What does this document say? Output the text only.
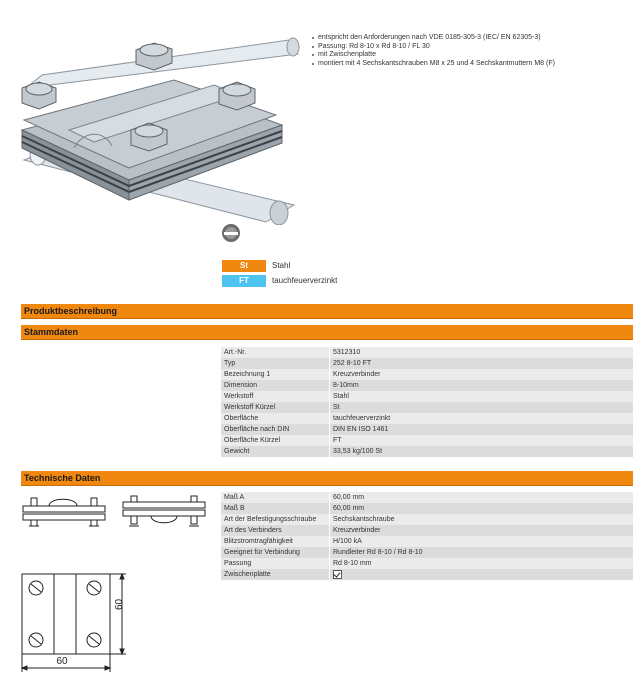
entspricht den Anforderungen nach VDE 0185-305-3 (IEC/ EN 62305-3)
Passung: Rd 8-10 x Rd 8-10 / FL 30
mit Zwischenplatte
montiert mit 4 Sechskantschrauben M8 x 25 und 4 Sechskantmuttern M8 (F)
St	Stahl
FT	tauchfeuerverzinkt
Produktbeschreibung
Stammdaten
Art.-Nr.	5312310
Typ	252 8-10 FT
Bezeichnung 1	Kreuzverbinder
Dimension	8-10mm
Werkstoff	Stahl
Werkstoff Kürzel	St
Oberfläche	tauchfeuerverzinkt
Oberfläche nach DIN	DIN EN ISO 1461
Oberfläche Kürzel	FT
Gewicht	33,53 kg/100 St
Technische Daten
Maß A	60,00 mm
Maß B	60,00 mm
Art der Befestigungsschraube	Sechskantschraube
Art des Verbinders	Kreuzverbinder
Blitzstromtragfähigkeit	H/100 kA
Geeignet für Verbindung	Rundleiter Rd 8-10 / Rd 8-10
Passung	Rd 8-10 mm
Zwischenplatte	
60
60
